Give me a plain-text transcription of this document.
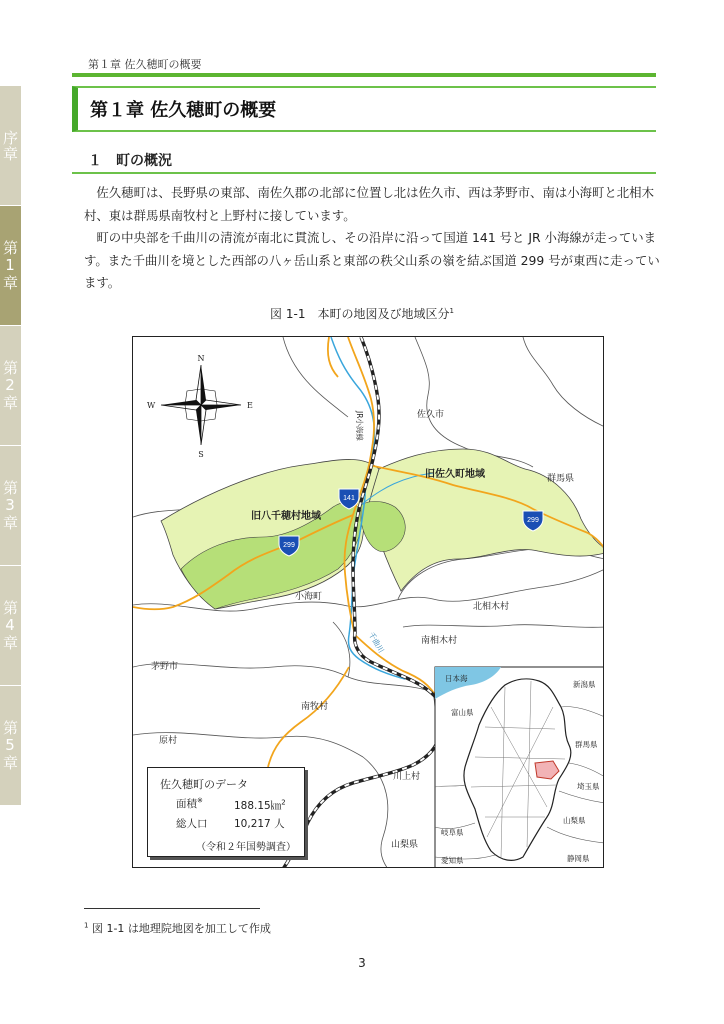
第１章 佐久穂町の概要
序章
第1章
第2章
第3章
第4章
第5章
第１章 佐久穂町の概要
１　町の概況

佐久穂町は、長野県の東部、南佐久郡の北部に位置し北は佐久市、西は茅野市、南は小海町と北相木村、東は群馬県南牧村と上野村に接しています。

町の中央部を千曲川の清流が南北に貫流し、その沿岸に沿って国道 141 号と JR 小海線が走っています。また千曲川を境とした西部の八ヶ岳山系と東部の秩父山系の嶺を結ぶ国道 299 号が東西に走っています。

図 1-1　本町の地図及び地域区分$^1$
141
299
299
N
S
E
W
佐久市
旧佐久町地域	群馬県
旧八千穂村地域
小海町
北相木村
南相木村
茅野市
南牧村
原村
川上村
山梨県
千曲川
JR小海線
日本海
新潟県
富山県
群馬県
埼玉県
山梨県
岐阜県
愛知県	静岡県
佐久穂町のデータ
面積※	188.15㎞$^2$
総人口	10,217 人
（令和２年国勢調査）
$^1$ 図 1-1 は地理院地図を加工して作成
3
